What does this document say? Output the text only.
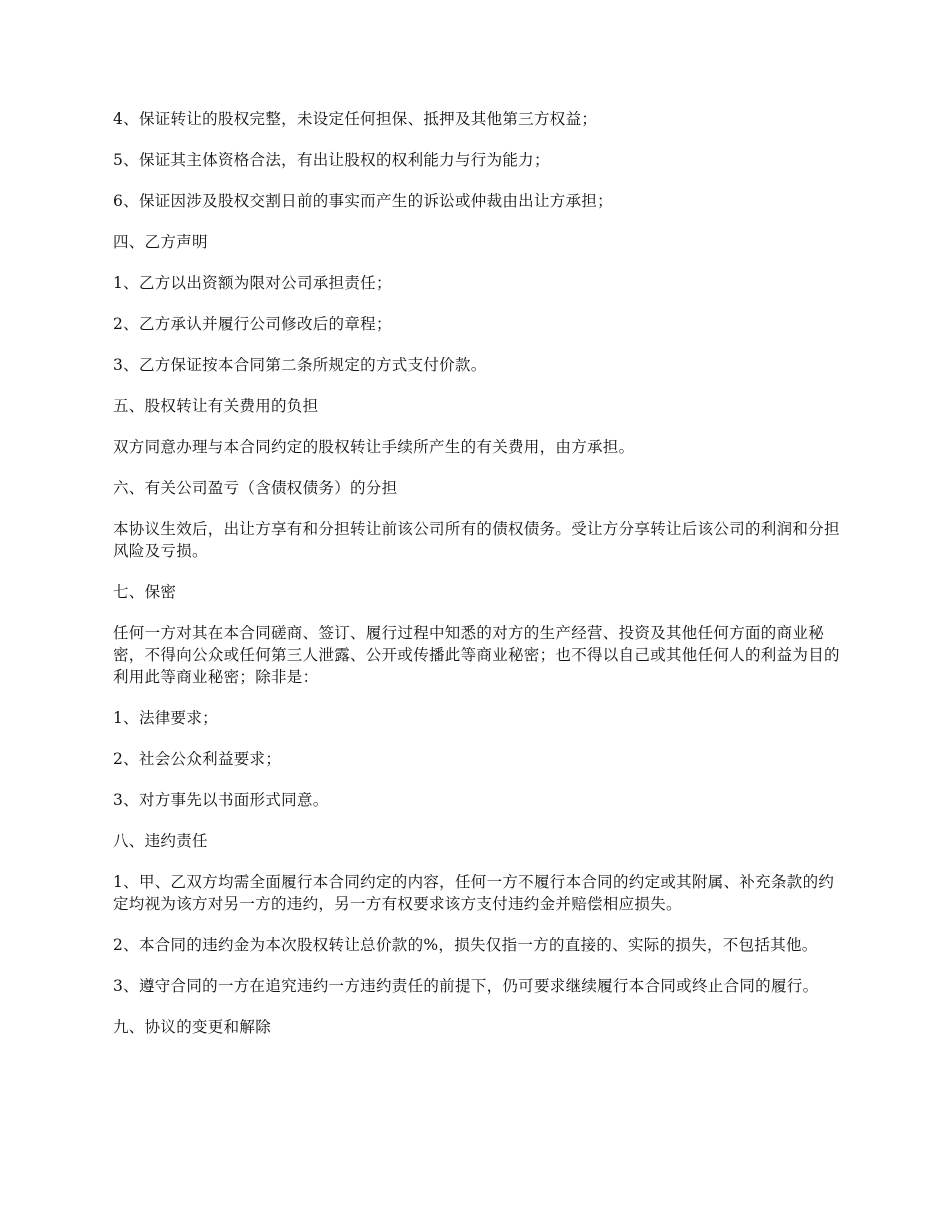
4、保证转让的股权完整，未设定任何担保、抵押及其他第三方权益；

5、保证其主体资格合法，有出让股权的权利能力与行为能力；

6、保证因涉及股权交割日前的事实而产生的诉讼或仲裁由出让方承担；

四、乙方声明

1、乙方以出资额为限对公司承担责任；

2、乙方承认并履行公司修改后的章程；

3、乙方保证按本合同第二条所规定的方式支付价款。

五、股权转让有关费用的负担

双方同意办理与本合同约定的股权转让手续所产生的有关费用，由方承担。

六、有关公司盈亏（含债权债务）的分担

本协议生效后，出让方享有和分担转让前该公司所有的债权债务。受让方分享转让后该公司的利润和分担风险及亏损。

七、保密

任何一方对其在本合同磋商、签订、履行过程中知悉的对方的生产经营、投资及其他任何方面的商业秘密，不得向公众或任何第三人泄露、公开或传播此等商业秘密；也不得以自己或其他任何人的利益为目的利用此等商业秘密；除非是：

1、法律要求；

2、社会公众利益要求；

3、对方事先以书面形式同意。

八、违约责任

1、甲、乙双方均需全面履行本合同约定的内容，任何一方不履行本合同的约定或其附属、补充条款的约定均视为该方对另一方的违约，另一方有权要求该方支付违约金并赔偿相应损失。

2、本合同的违约金为本次股权转让总价款的%，损失仅指一方的直接的、实际的损失，不包括其他。

3、遵守合同的一方在追究违约一方违约责任的前提下，仍可要求继续履行本合同或终止合同的履行。

九、协议的变更和解除
